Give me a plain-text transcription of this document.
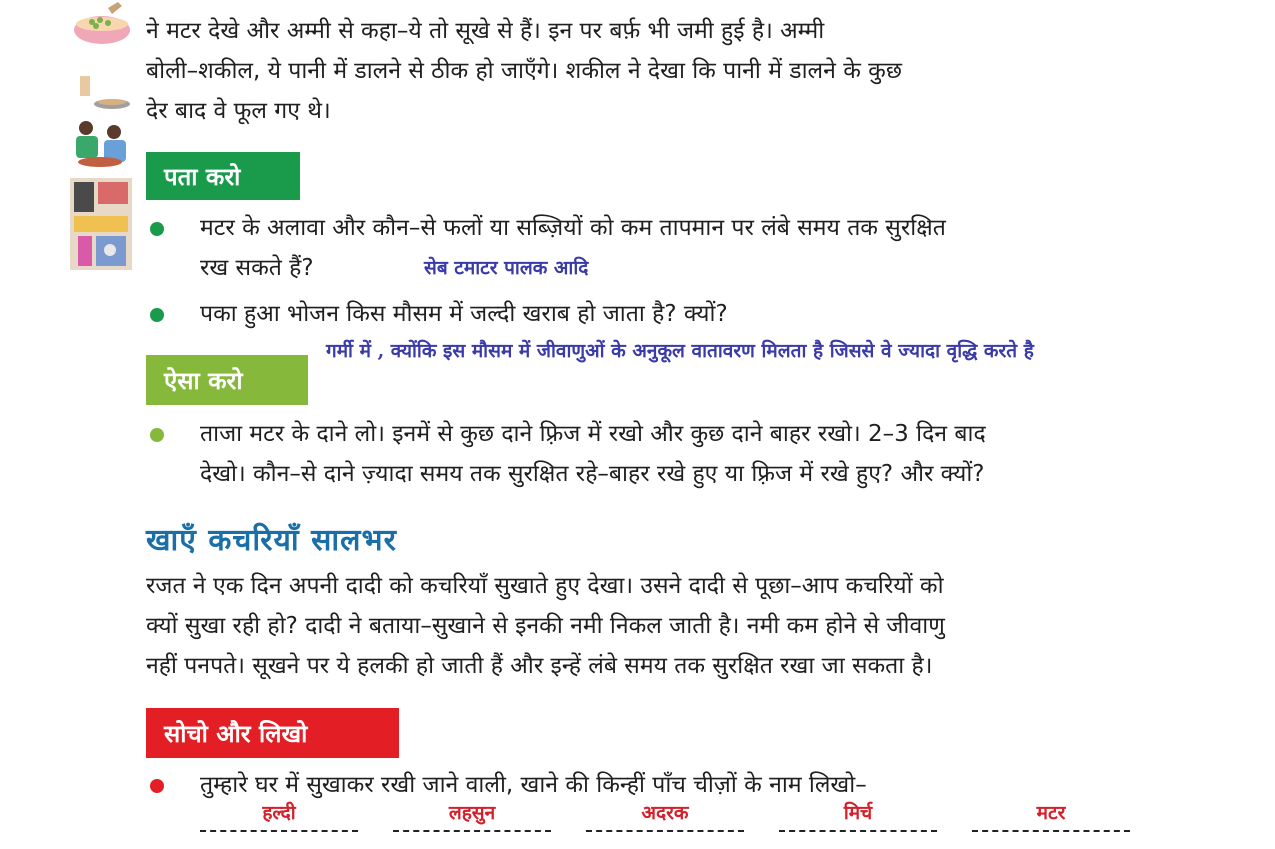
ने मटर देखे और अम्मी से कहा–ये तो सूखे से हैं। इन पर बर्फ़ भी जमी हुई है। अम्मी
बोली–शकील, ये पानी में डालने से ठीक हो जाएँगे। शकील ने देखा कि पानी में डालने के कुछ
देर बाद वे फूल गए थे।
पता करो
मटर के अलावा और कौन–से फलों या सब्ज़ियों को कम तापमान पर लंबे समय तक सुरक्षित
रख सकते हैं?	सेब टमाटर पालक आदि
पका हुआ भोजन किस मौसम में जल्दी खराब हो जाता है? क्यों?
गर्मी में , क्योंकि इस मौसम में जीवाणुओं के अनुकूल वातावरण मिलता है जिससे वे ज्यादा वृद्धि करते है
ऐसा करो
ताजा मटर के दाने लो। इनमें से कुछ दाने फ़्रिज में रखो और कुछ दाने बाहर रखो। 2–3 दिन बाद
देखो। कौन–से दाने ज़्यादा समय तक सुरक्षित रहे–बाहर रखे हुए या फ़्रिज में रखे हुए? और क्यों?
खाएँ कचरियाँ सालभर
रजत ने एक दिन अपनी दादी को कचरियाँ सुखाते हुए देखा। उसने दादी से पूछा–आप कचरियों को
क्यों सुखा रही हो? दादी ने बताया–सुखाने से इनकी नमी निकल जाती है। नमी कम होने से जीवाणु
नहीं पनपते। सूखने पर ये हलकी हो जाती हैं और इन्हें लंबे समय तक सुरक्षित रखा जा सकता है।
सोचो और लिखो
तुम्हारे घर में सुखाकर रखी जाने वाली, खाने की किन्हीं पाँच चीज़ों के नाम लिखो–
हल्दी	लहसुन	अदरक	मिर्च	मटर
